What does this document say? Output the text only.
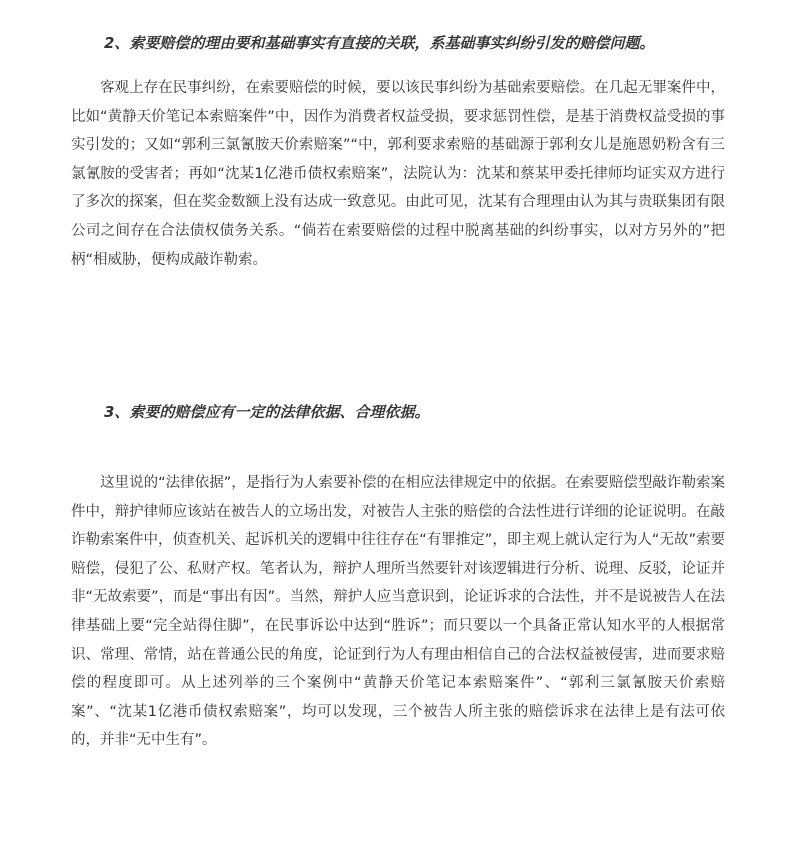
2、索要赔偿的理由要和基础事实有直接的关联，系基础事实纠纷引发的赔偿问题。

客观上存在民事纠纷，在索要赔偿的时候，要以该民事纠纷为基础索要赔偿。在几起无罪案件中，比如“黄静天价笔记本索赔案件”中，因作为消费者权益受损，要求惩罚性偿，是基于消费权益受损的事实引发的；又如“郭利三氯氰胺天价索赔案”“中，郭利要求索赔的基础源于郭利女儿是施恩奶粉含有三氯氰胺的受害者；再如“沈某1亿港币债权索赔案”，法院认为：沈某和蔡某甲委托律师均证实双方进行了多次的探案，但在奖金数额上没有达成一致意见。由此可见，沈某有合理理由认为其与贵联集团有限公司之间存在合法债权债务关系。“倘若在索要赔偿的过程中脱离基础的纠纷事实，以对方另外的”把柄“相威胁，便构成敲诈勒索。

3、索要的赔偿应有一定的法律依据、合理依据。

这里说的“法律依据”，是指行为人索要补偿的在相应法律规定中的依据。在索要赔偿型敲诈勒索案件中，辩护律师应该站在被告人的立场出发，对被告人主张的赔偿的合法性进行详细的论证说明。在敲诈勒索案件中，侦查机关、起诉机关的逻辑中往往存在“有罪推定”，即主观上就认定行为人“无故”索要赔偿，侵犯了公、私财产权。笔者认为，辩护人理所当然要针对该逻辑进行分析、说理、反驳，论证并非“无故索要”，而是“事出有因”。当然，辩护人应当意识到，论证诉求的合法性，并不是说被告人在法律基础上要“完全站得住脚”，在民事诉讼中达到“胜诉”；而只要以一个具备正常认知水平的人根据常识、常理、常情，站在普通公民的角度，论证到行为人有理由相信自己的合法权益被侵害，进而要求赔偿的程度即可。从上述列举的三个案例中“黄静天价笔记本索赔案件”、“郭利三氯氰胺天价索赔案”、“沈某1亿港币债权索赔案”，均可以发现，三个被告人所主张的赔偿诉求在法律上是有法可依的，并非“无中生有”。
